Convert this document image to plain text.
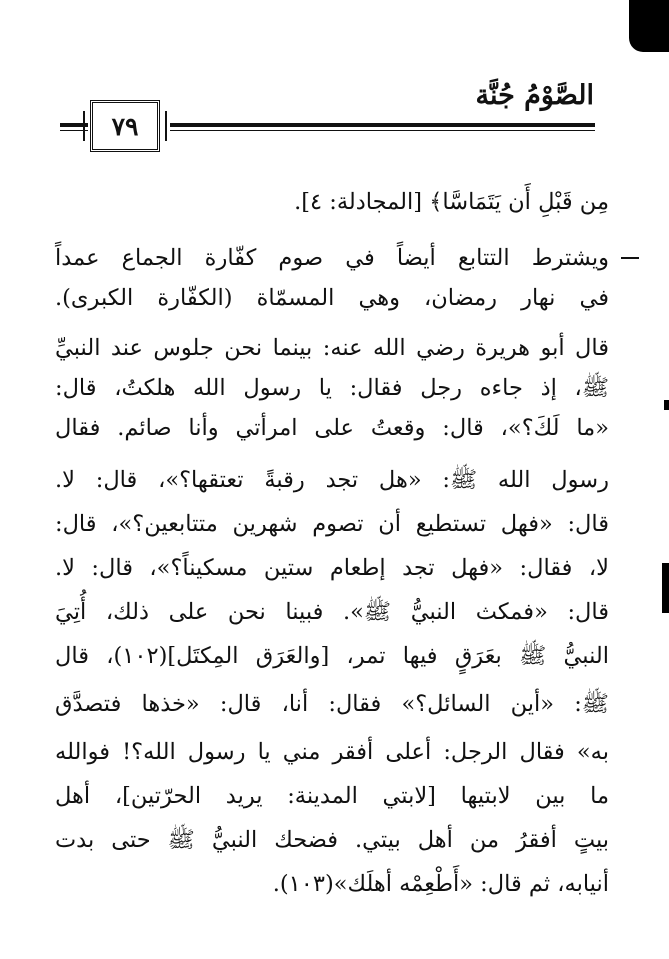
الصَّوْمُ جُنَّة
٧٩
مِن قَبْلِ أَن يَتَمَاسَّا﴾ [المجادلة: ٤].
ويشترط التتابع أيضاً في صوم كفّارة الجماع عمداً
في نهار رمضان، وهي المسمّاة (الكفّارة الكبرى).
قال أبو هريرة رضي الله عنه: بينما نحن جلوس عند النبيِّ
ﷺ، إذ جاءه رجل فقال: يا رسول الله هلكتُ، قال:
«ما لَكَ؟»، قال: وقعتُ على امرأتي وأنا صائم. فقال
رسول الله ﷺ: «هل تجد رقبةً تعتقها؟»، قال: لا.
قال: «فهل تستطيع أن تصوم شهرين متتابعين؟»، قال:
لا، فقال: «فهل تجد إطعام ستين مسكيناً؟»، قال: لا.
قال: «فمكث النبيُّ ﷺ». فبينا نحن على ذلك، أُتِيَ
النبيُّ ﷺ بعَرَقٍ فيها تمر، [والعَرَق المِكتَل](١٠٢)، قال
ﷺ: «أين السائل؟» فقال: أنا، قال: «خذها فتصدَّق
به» فقال الرجل: أعلى أفقر مني يا رسول الله؟! فوالله
ما بين لابتيها [لابتي المدينة: يريد الحرّتين]، أهل
بيتٍ أفقرُ من أهل بيتي. فضحك النبيُّ ﷺ حتى بدت
أنيابه، ثم قال: «أَطْعِمْه أهلَك»(١٠٣).
